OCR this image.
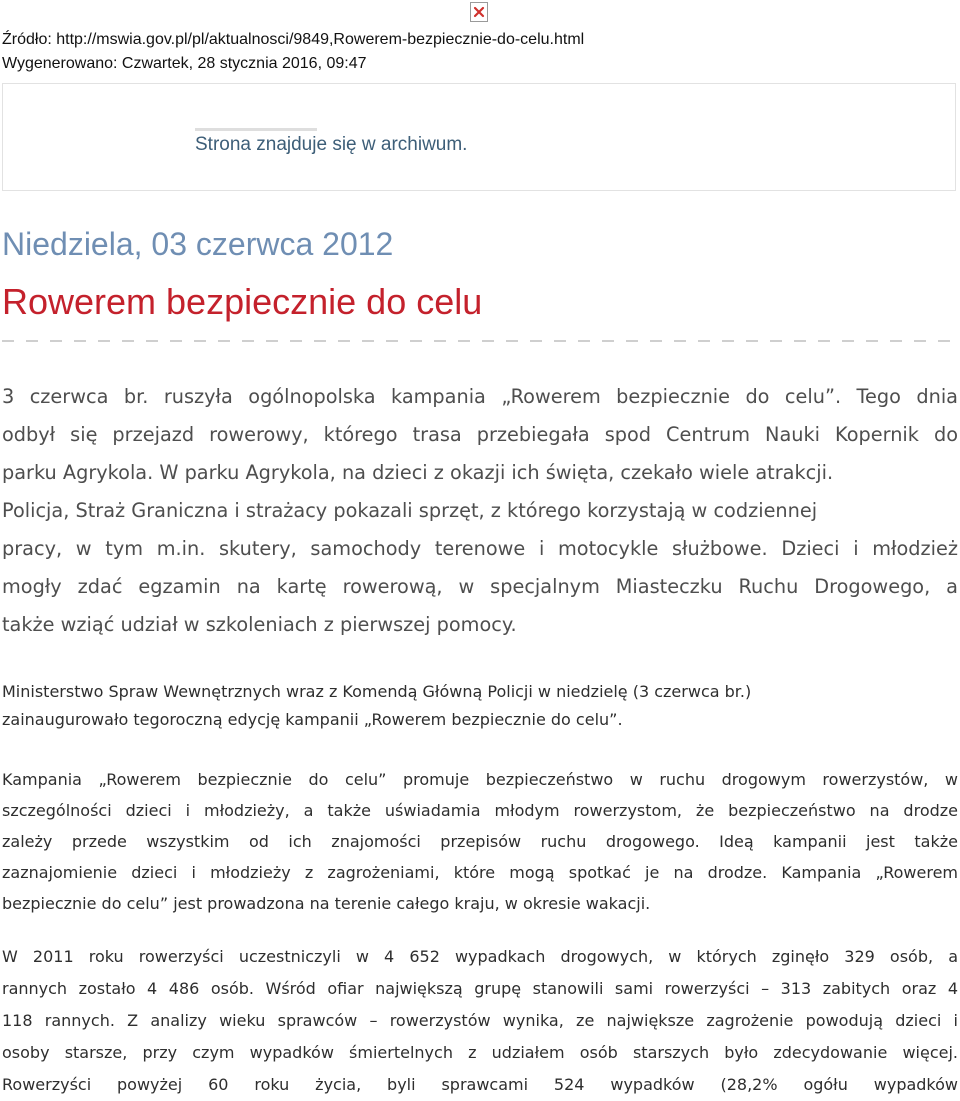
Źródło: http://mswia.gov.pl/pl/aktualnosci/9849,Rowerem-bezpiecznie-do-celu.html
Wygenerowano: Czwartek, 28 stycznia 2016, 09:47
Strona znajduje się w archiwum.
Niedziela, 03 czerwca 2012
Rowerem bezpiecznie do celu
3 czerwca br. ruszyła ogólnopolska kampania „Rowerem bezpiecznie do celu”. Tego dnia
odbył się przejazd rowerowy, którego trasa przebiegała spod Centrum Nauki Kopernik do
parku Agrykola. W parku Agrykola, na dzieci z okazji ich święta, czekało wiele atrakcji.
Policja, Straż Graniczna i strażacy pokazali sprzęt, z którego korzystają w codziennej
pracy, w tym m.in. skutery, samochody terenowe i motocykle służbowe. Dzieci i młodzież
mogły zdać egzamin na kartę rowerową, w specjalnym Miasteczku Ruchu Drogowego, a
także wziąć udział w szkoleniach z pierwszej pomocy.
Ministerstwo Spraw Wewnętrznych wraz z Komendą Główną Policji w niedzielę (3 czerwca br.)
zainaugurowało tegoroczną edycję kampanii „Rowerem bezpiecznie do celu”.
Kampania „Rowerem bezpiecznie do celu” promuje bezpieczeństwo w ruchu drogowym rowerzystów, w
szczególności dzieci i młodzieży, a także uświadamia młodym rowerzystom, że bezpieczeństwo na drodze
zależy przede wszystkim od ich znajomości przepisów ruchu drogowego. Ideą kampanii jest także
zaznajomienie dzieci i młodzieży z zagrożeniami, które mogą spotkać je na drodze. Kampania „Rowerem
bezpiecznie do celu” jest prowadzona na terenie całego kraju, w okresie wakacji.
W 2011 roku rowerzyści uczestniczyli w 4 652 wypadkach drogowych, w których zginęło 329 osób, a
rannych zostało 4 486 osób. Wśród ofiar największą grupę stanowili sami rowerzyści – 313 zabitych oraz 4
118 rannych. Z analizy wieku sprawców – rowerzystów wynika, ze największe zagrożenie powodują dzieci i
osoby starsze, przy czym wypadków śmiertelnych z udziałem osób starszych było zdecydowanie więcej.
Rowerzyści powyżej 60 roku życia, byli sprawcami 524 wypadków (28,2% ogółu wypadków
